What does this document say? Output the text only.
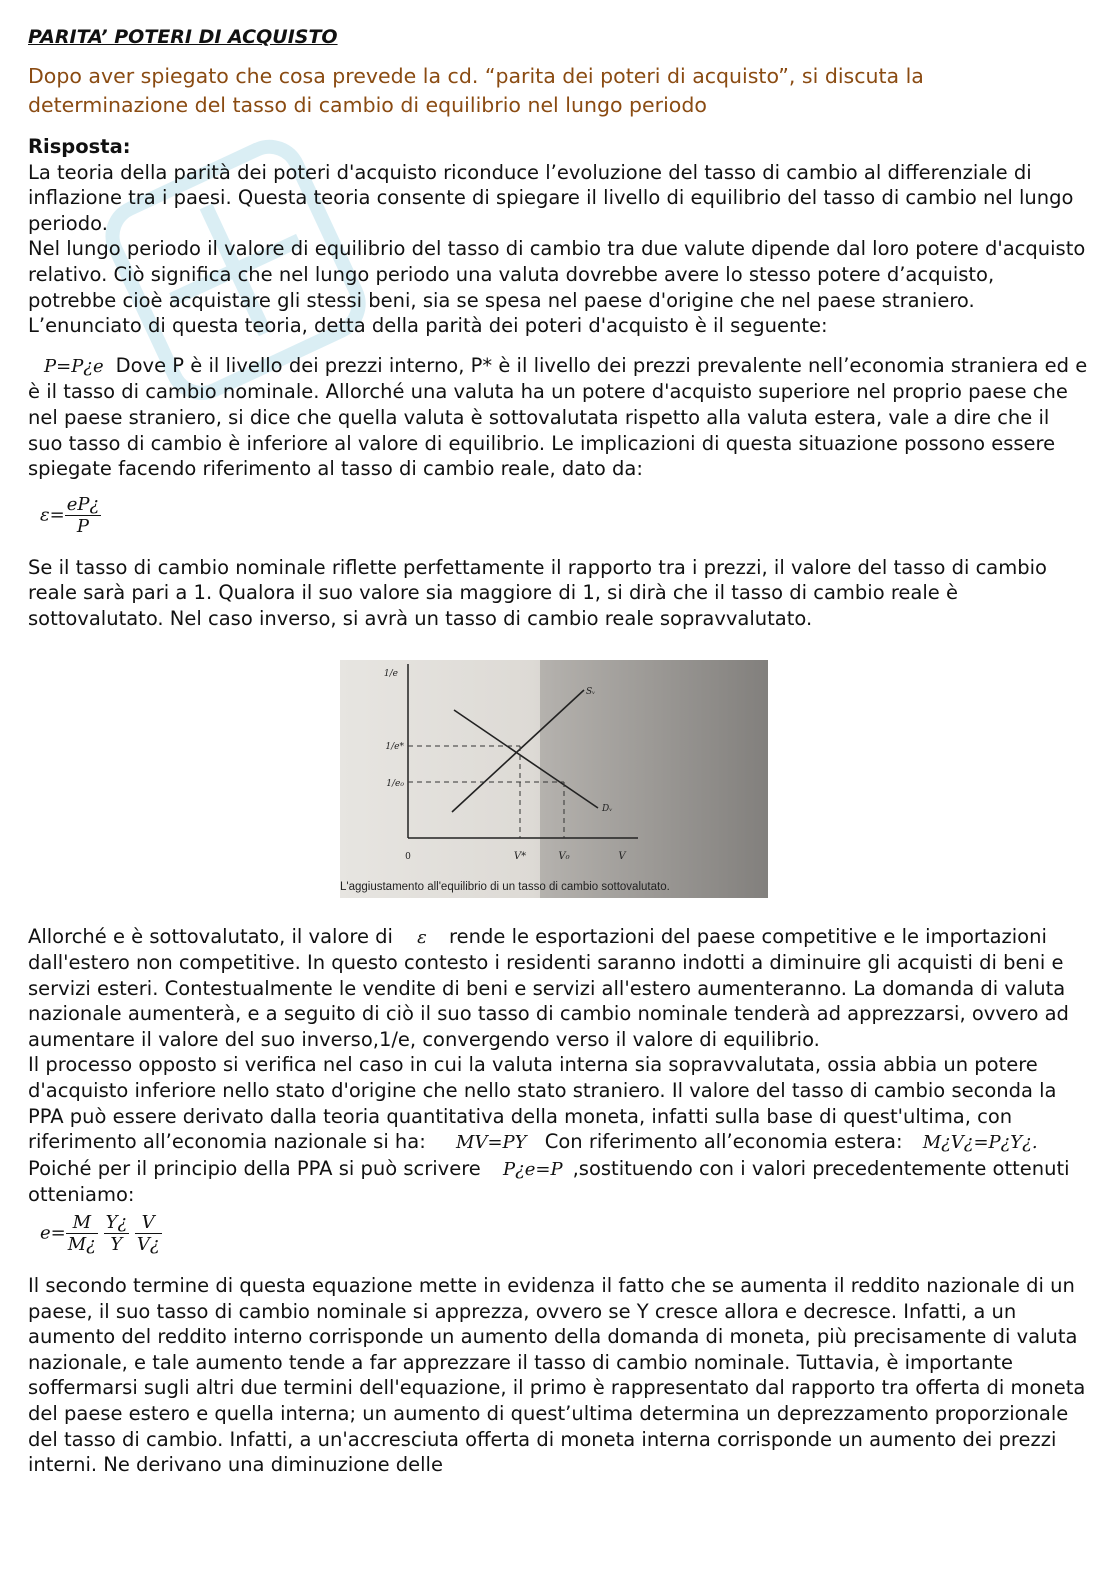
PARITA’ POTERI DI ACQUISTO
Dopo aver spiegato che cosa prevede la cd. “parita dei poteri di acquisto”, si discuta la determinazione del tasso di cambio di equilibrio nel lungo periodo

Risposta:

La teoria della parità dei poteri d'acquisto riconduce l’evoluzione del tasso di cambio al differenziale di inflazione tra i paesi. Questa teoria consente di spiegare il livello di equilibrio del tasso di cambio nel lungo periodo.

Nel lungo periodo il valore di equilibrio del tasso di cambio tra due valute dipende dal loro potere d'acquisto relativo. Ciò significa che nel lungo periodo una valuta dovrebbe avere lo stesso potere d’acquisto, potrebbe cioè acquistare gli stessi beni, sia se spesa nel paese d'origine che nel paese straniero. L’enunciato di questa teoria, detta della parità dei poteri d'acquisto è il seguente:

P=P¿e Dove P è il livello dei prezzi interno, P* è il livello dei prezzi prevalente nell’economia straniera ed e è il tasso di cambio nominale. Allorché una valuta ha un potere d'acquisto superiore nel proprio paese che nel paese straniero, si dice che quella valuta è sottovalutata rispetto alla valuta estera, vale a dire che il suo tasso di cambio è inferiore al valore di equilibrio. Le implicazioni di questa situazione possono essere spiegate facendo riferimento al tasso di cambio reale, dato da:

$\varepsilon= \frac{eP¿}{P}$

Se il tasso di cambio nominale riflette perfettamente il rapporto tra i prezzi, il valore del tasso di cambio reale sarà pari a 1. Qualora il suo valore sia maggiore di 1, si dirà che il tasso di cambio reale è sottovalutato. Nel caso inverso, si avrà un tasso di cambio reale sopravvalutato.

Allorché e è sottovalutato, il valore di ε rende le esportazioni del paese competitive e le importazioni dall'estero non competitive. In questo contesto i residenti saranno indotti a diminuire gli acquisti di beni e servizi esteri. Contestualmente le vendite di beni e servizi all'estero aumenteranno. La domanda di valuta nazionale aumenterà, e a seguito di ciò il suo tasso di cambio nominale tenderà ad apprezzarsi, ovvero ad aumentare il valore del suo inverso,1/e, convergendo verso il valore di equilibrio.

Il processo opposto si verifica nel caso in cui la valuta interna sia sopravvalutata, ossia abbia un potere d'acquisto inferiore nello stato d'origine che nello stato straniero. Il valore del tasso di cambio seconda la PPA può essere derivato dalla teoria quantitativa della moneta, infatti sulla base di quest'ultima, con riferimento all’economia nazionale si ha: MV=PY Con riferimento all’economia estera: M¿V¿=P¿Y¿. Poiché per il principio della PPA si può scrivere P¿e=P ,sostituendo con i valori precedentemente ottenuti otteniamo:

$e= \frac{M}{M¿}$
$\frac{Y¿}{Y}$
$\frac{V}{V¿}$

Il secondo termine di questa equazione mette in evidenza il fatto che se aumenta il reddito nazionale di un paese, il suo tasso di cambio nominale si apprezza, ovvero se Y cresce allora e decresce. Infatti, a un aumento del reddito interno corrisponde un aumento della domanda di moneta, più precisamente di valuta nazionale, e tale aumento tende a far apprezzare il tasso di cambio nominale. Tuttavia, è importante soffermarsi sugli altri due termini dell'equazione, il primo è rappresentato dal rapporto tra offerta di moneta del paese estero e quella interna; un aumento di quest’ultima determina un deprezzamento proporzionale del tasso di cambio. Infatti, a un'accresciuta offerta di moneta interna corrisponde un aumento dei prezzi interni. Ne derivano una diminuzione delle

1/e
1/e*
1/e₀
0	V*	V₀	V
Sᵥ
Dᵥ
L'aggiustamento all'equilibrio di un tasso di cambio sottovalutato.
